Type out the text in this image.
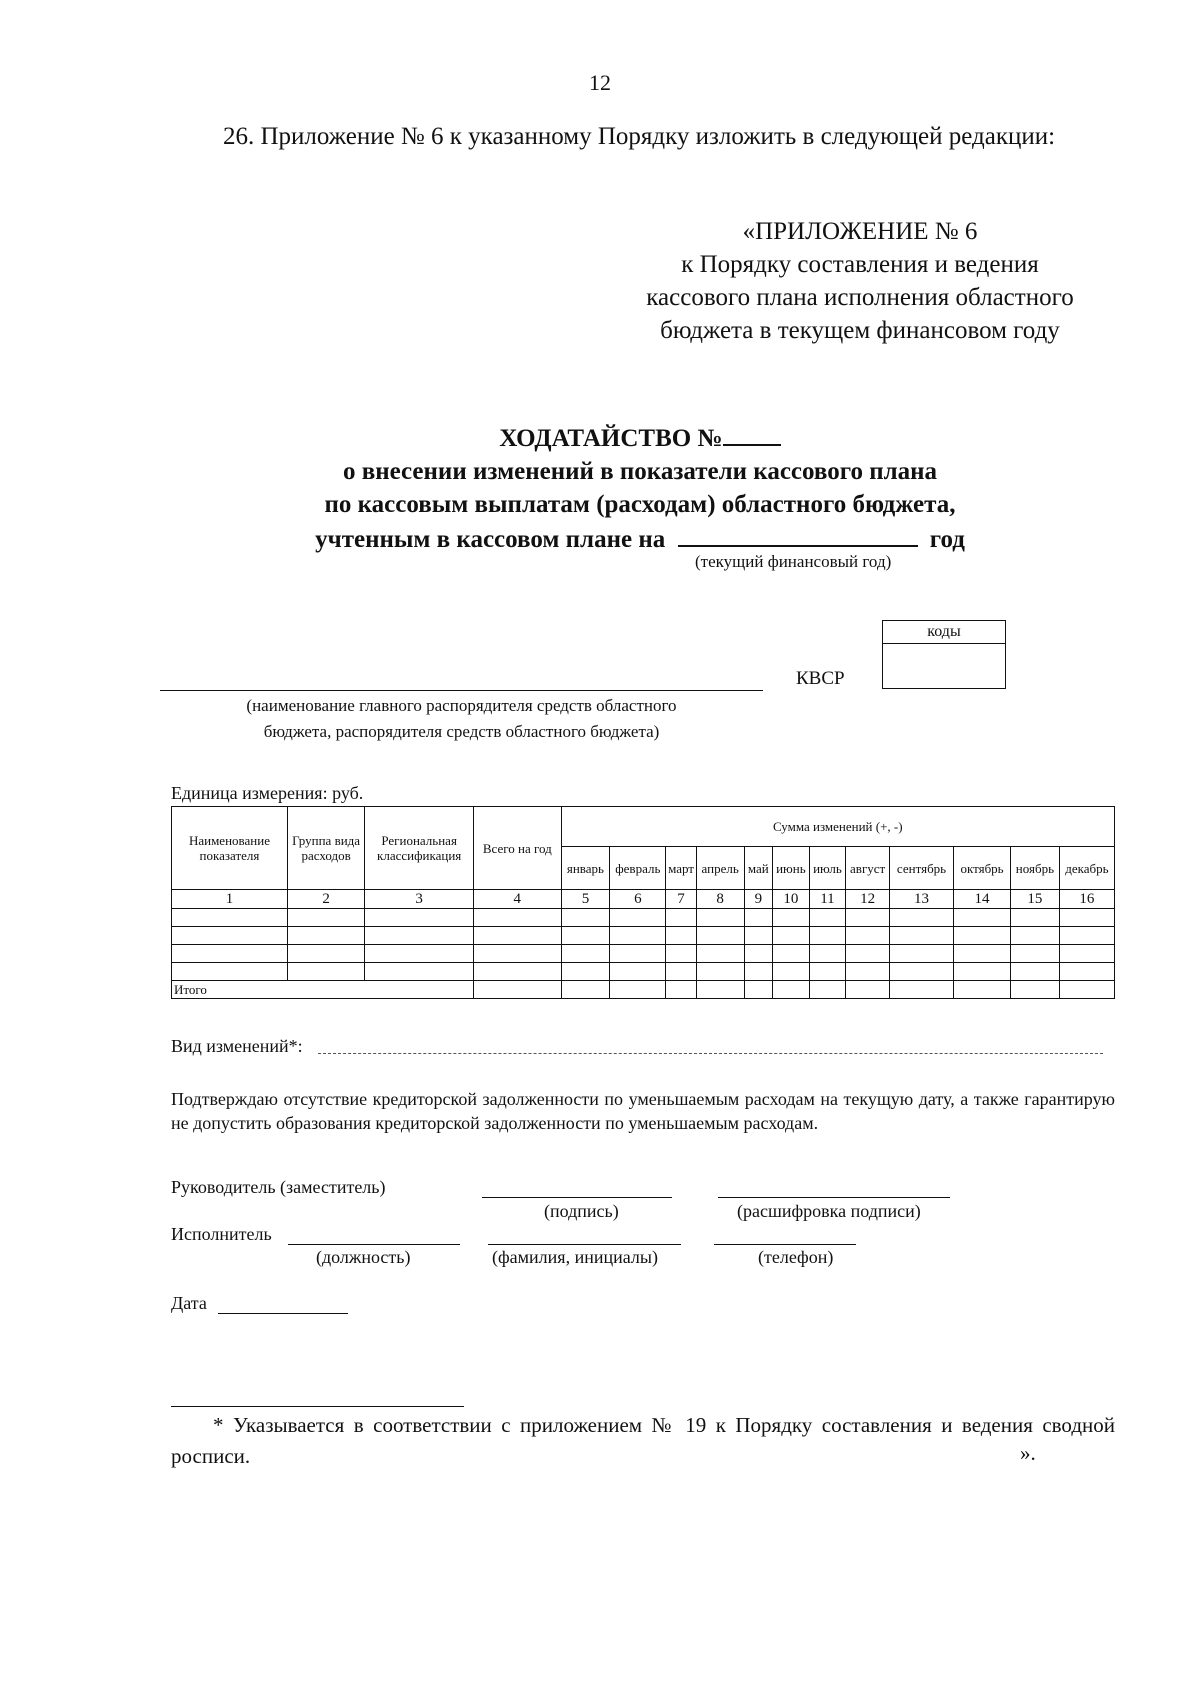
12
26. Приложение № 6 к указанному Порядку изложить в следующей редакции:
«ПРИЛОЖЕНИЕ № 6
к Порядку составления и ведения
кассового плана исполнения областного
бюджета в текущем финансовом году
ХОДАТАЙСТВО №
о внесении изменений в показатели кассового плана
по кассовым выплатам (расходам) областного бюджета,
учтенным в кассовом плане на	год
(текущий финансовый год)
коды
КВСР
(наименование главного распорядителя средств областного
бюджета, распорядителя средств областного бюджета)
Единица измерения: руб.
Наименование показателя	Группа вида расходов	Региональная классификация	Всего на год	Сумма изменений (+, -)											
				январь	февраль	март	апрель	май	июнь	июль	август	сентябрь	октябрь	ноябрь	декабрь
1	2	3	4	5	6	7	8	9	10	11	12	13	14	15	16

Итого															
Вид изменений*:
Подтверждаю отсутствие кредиторской задолженности по уменьшаемым расходам на текущую дату, а также гарантирую не допустить образования кредиторской задолженности по уменьшаемым расходам.
Руководитель (заместитель)
(подпись)	(расшифровка подписи)
Исполнитель
(должность)	(фамилия, инициалы)	(телефон)
Дата
* Указывается в соответствии с приложением № 19 к Порядку составления и ведения сводной росписи.	».
